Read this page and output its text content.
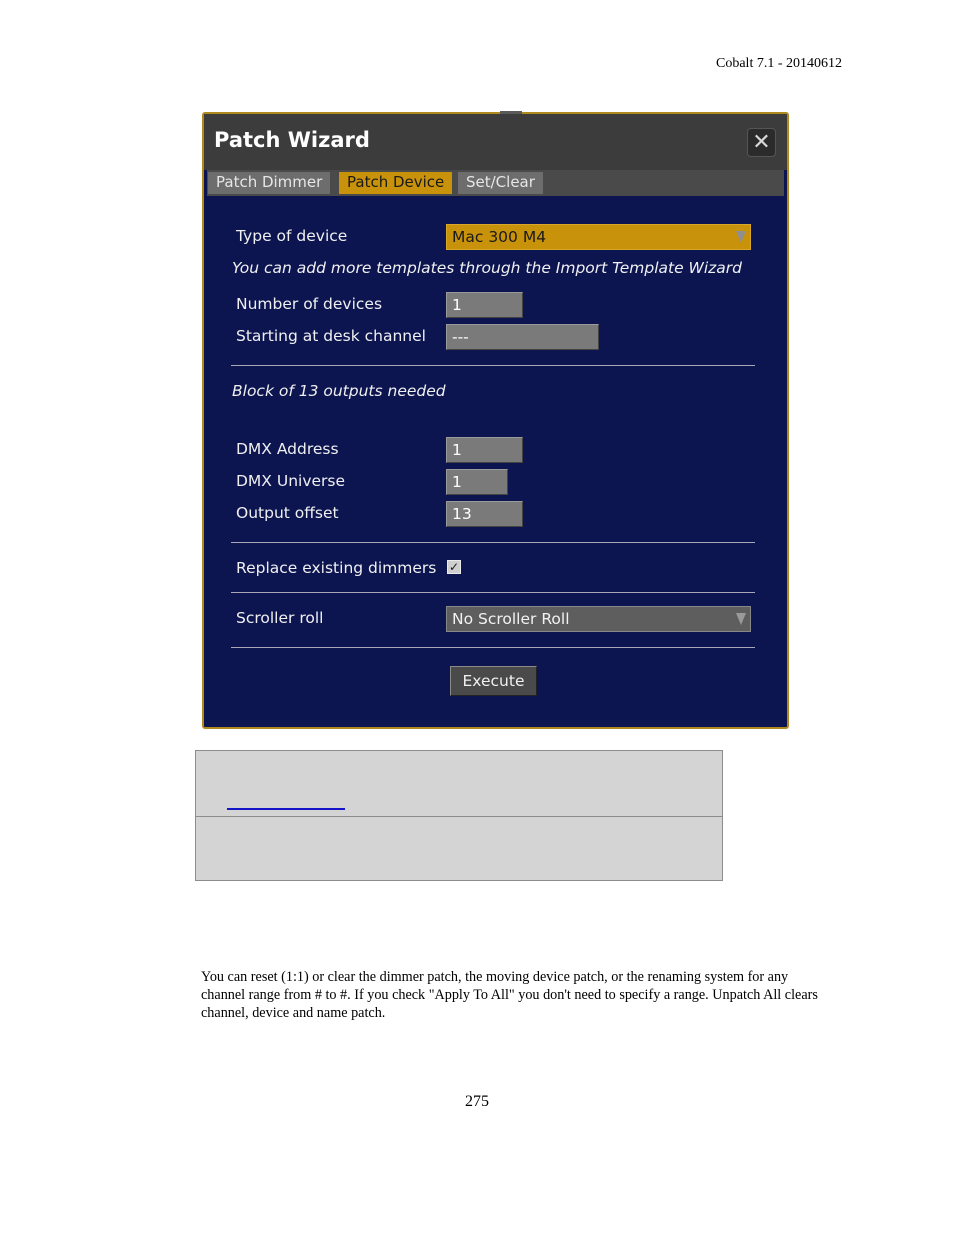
Cobalt 7.1 - 20140612
Patch Wizard	✕
Patch Dimmer	Patch Device	Set/Clear
Type of device	Mac 300 M4
You can add more templates through the Import Template Wizard
Number of devices	1
Starting at desk channel	---
Block of 13 outputs needed
DMX Address	1
DMX Universe	1
Output offset	13
Replace existing dimmers ✓
Scroller roll	No Scroller Roll
Execute
You can reset (1:1) or clear the dimmer patch, the moving device patch, or the renaming system for any channel range from # to #. If you check "Apply To All" you don't need to specify a range. Unpatch All clears channel, device and name patch.
275
